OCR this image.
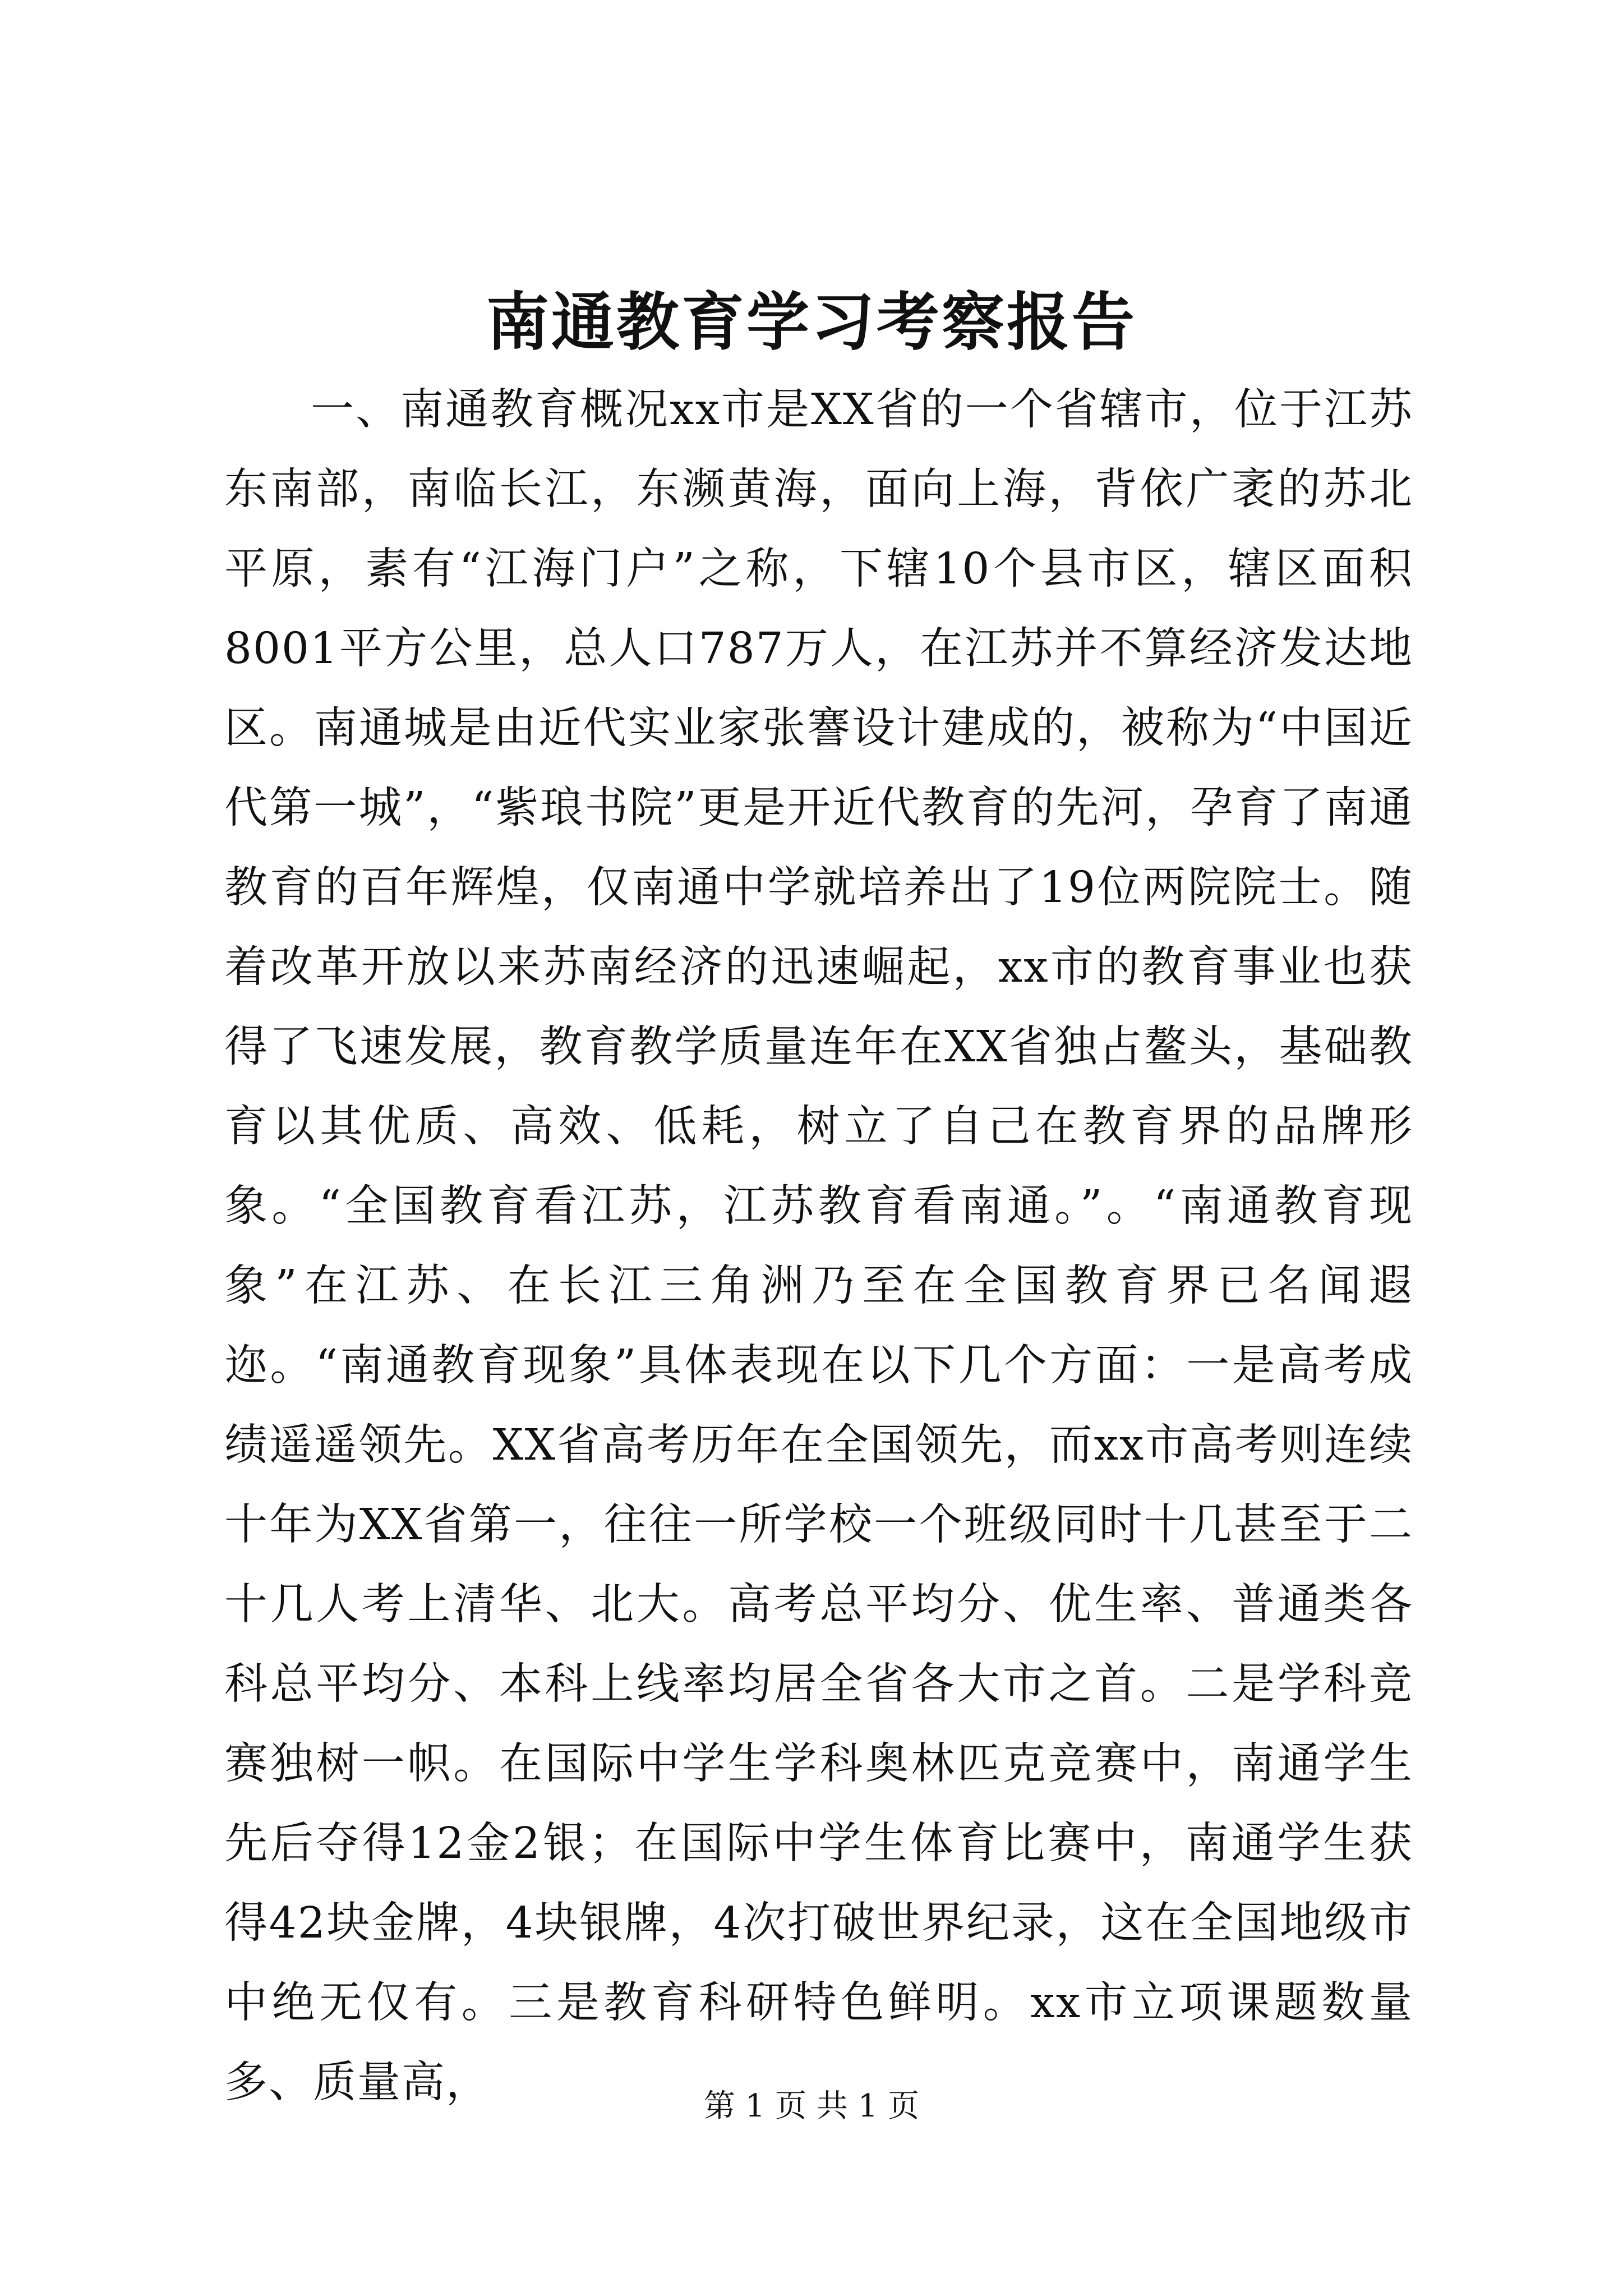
南通教育学习考察报告

一、南通教育概况xx市是XX省的一个省辖市，位于江苏东南部，南临长江，东濒黄海，面向上海，背依广袤的苏北平原，素有“江海门户”之称，下辖10个县市区，辖区面积8001平方公里，总人口787万人，在江苏并不算经济发达地区。南通城是由近代实业家张謇设计建成的，被称为“中国近代第一城”，“紫琅书院”更是开近代教育的先河，孕育了南通教育的百年辉煌，仅南通中学就培养出了19位两院院士。随着改革开放以来苏南经济的迅速崛起，xx市的教育事业也获得了飞速发展，教育教学质量连年在XX省独占鳌头，基础教育以其优质、高效、低耗，树立了自己在教育界的品牌形象。“全国教育看江苏，江苏教育看南通。”。“南通教育现象”在江苏、在长江三角洲乃至在全国教育界已名闻遐迩。“南通教育现象”具体表现在以下几个方面：一是高考成绩遥遥领先。XX省高考历年在全国领先，而xx市高考则连续十年为XX省第一，往往一所学校一个班级同时十几甚至于二十几人考上清华、北大。高考总平均分、优生率、普通类各科总平均分、本科上线率均居全省各大市之首。二是学科竞赛独树一帜。在国际中学生学科奥林匹克竞赛中，南通学生先后夺得12金2银；在国际中学生体育比赛中，南通学生获得42块金牌，4块银牌，4次打破世界纪录，这在全国地级市中绝无仅有。三是教育科研特色鲜明。xx市立项课题数量多、质量高，	第 1 页 共 1 页
